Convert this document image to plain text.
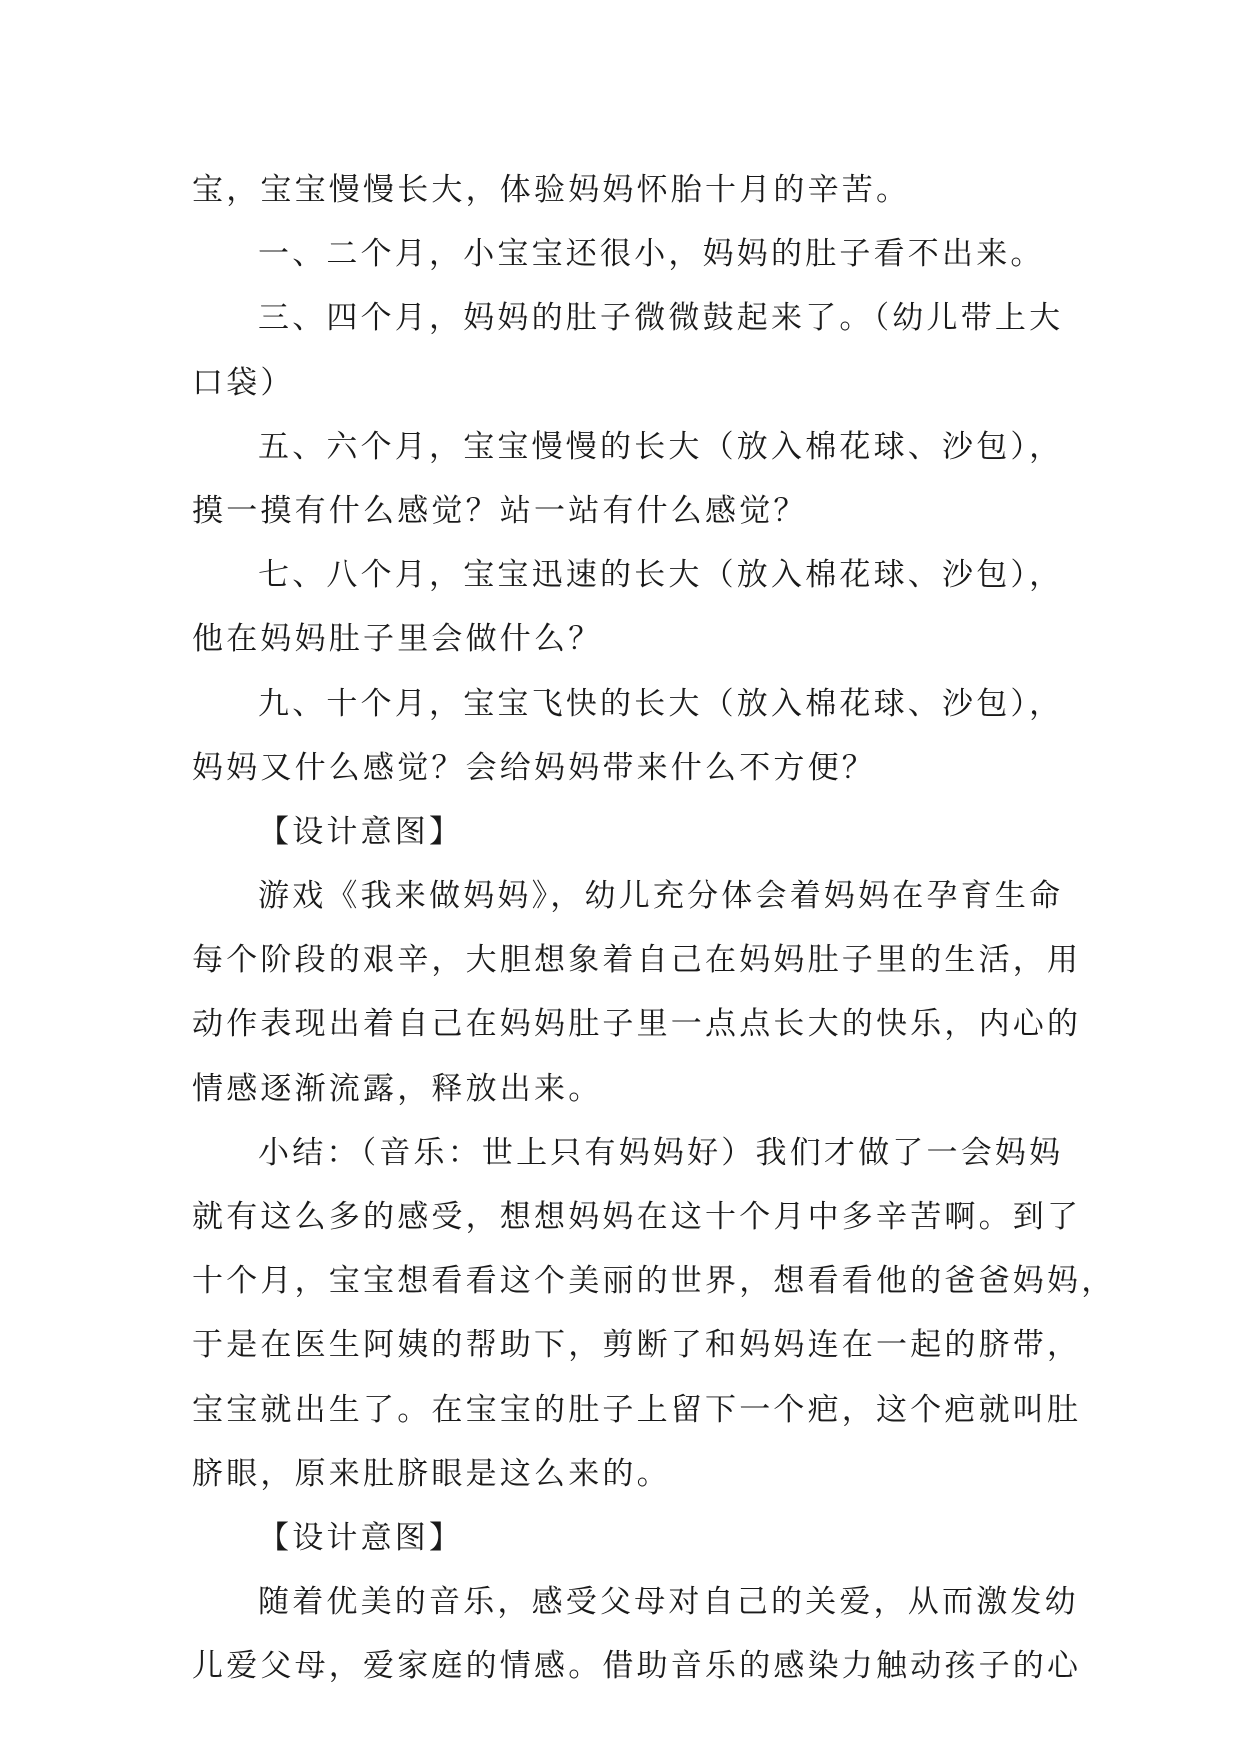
宝，宝宝慢慢长大，体验妈妈怀胎十月的辛苦。
一、二个月，小宝宝还很小，妈妈的肚子看不出来。
三、四个月，妈妈的肚子微微鼓起来了。（幼儿带上大
口袋）
五、六个月，宝宝慢慢的长大（放入棉花球、沙包），
摸一摸有什么感觉？站一站有什么感觉？
七、八个月，宝宝迅速的长大（放入棉花球、沙包），
他在妈妈肚子里会做什么？
九、十个月，宝宝飞快的长大（放入棉花球、沙包），
妈妈又什么感觉？会给妈妈带来什么不方便？
【设计意图】
游戏《我来做妈妈》，幼儿充分体会着妈妈在孕育生命
每个阶段的艰辛，大胆想象着自己在妈妈肚子里的生活，用
动作表现出着自己在妈妈肚子里一点点长大的快乐，内心的
情感逐渐流露，释放出来。
小结：（音乐：世上只有妈妈好）我们才做了一会妈妈
就有这么多的感受，想想妈妈在这十个月中多辛苦啊。到了
十个月，宝宝想看看这个美丽的世界，想看看他的爸爸妈妈，
于是在医生阿姨的帮助下，剪断了和妈妈连在一起的脐带，
宝宝就出生了。在宝宝的肚子上留下一个疤，这个疤就叫肚
脐眼，原来肚脐眼是这么来的。
【设计意图】
随着优美的音乐，感受父母对自己的关爱，从而激发幼
儿爱父母，爱家庭的情感。借助音乐的感染力触动孩子的心
